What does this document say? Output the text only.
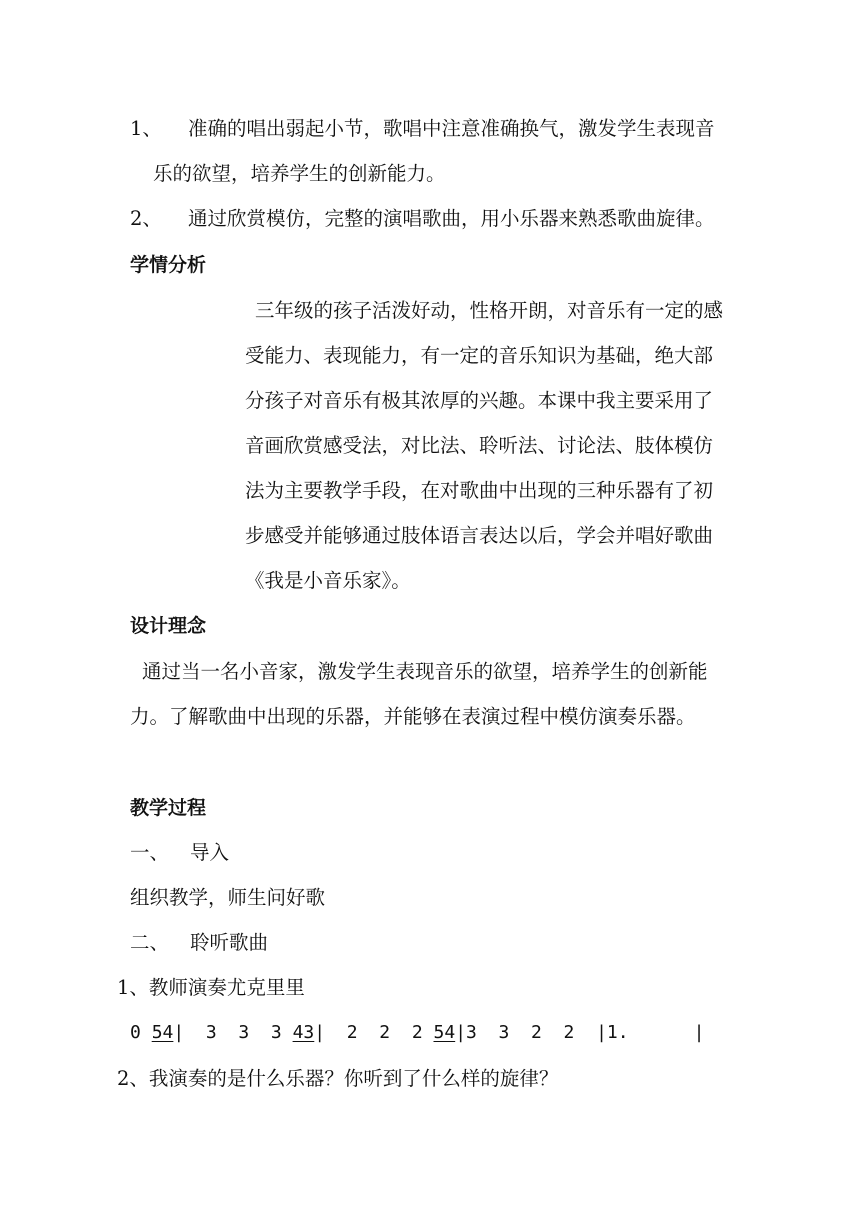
1、 准确的唱出弱起小节，歌唱中注意准确换气，激发学生表现音
乐的欲望，培养学生的创新能力。
2、 通过欣赏模仿，完整的演唱歌曲，用小乐器来熟悉歌曲旋律。
学情分析
三年级的孩子活泼好动，性格开朗，对音乐有一定的感
受能力、表现能力，有一定的音乐知识为基础，绝大部
分孩子对音乐有极其浓厚的兴趣。本课中我主要采用了
音画欣赏感受法，对比法、聆听法、讨论法、肢体模仿
法为主要教学手段，在对歌曲中出现的三种乐器有了初
步感受并能够通过肢体语言表达以后，学会并唱好歌曲
《我是小音乐家》。
设计理念
通过当一名小音家，激发学生表现音乐的欲望，培养学生的创新能
力。了解歌曲中出现的乐器，并能够在表演过程中模仿演奏乐器。
教学过程
一、 导入
组织教学，师生问好歌
二、 聆听歌曲
1、教师演奏尤克里里
0 54|  3  3  3 43|  2  2  2 54|3  3  2  2  |1.      |
2、我演奏的是什么乐器？你听到了什么样的旋律？
